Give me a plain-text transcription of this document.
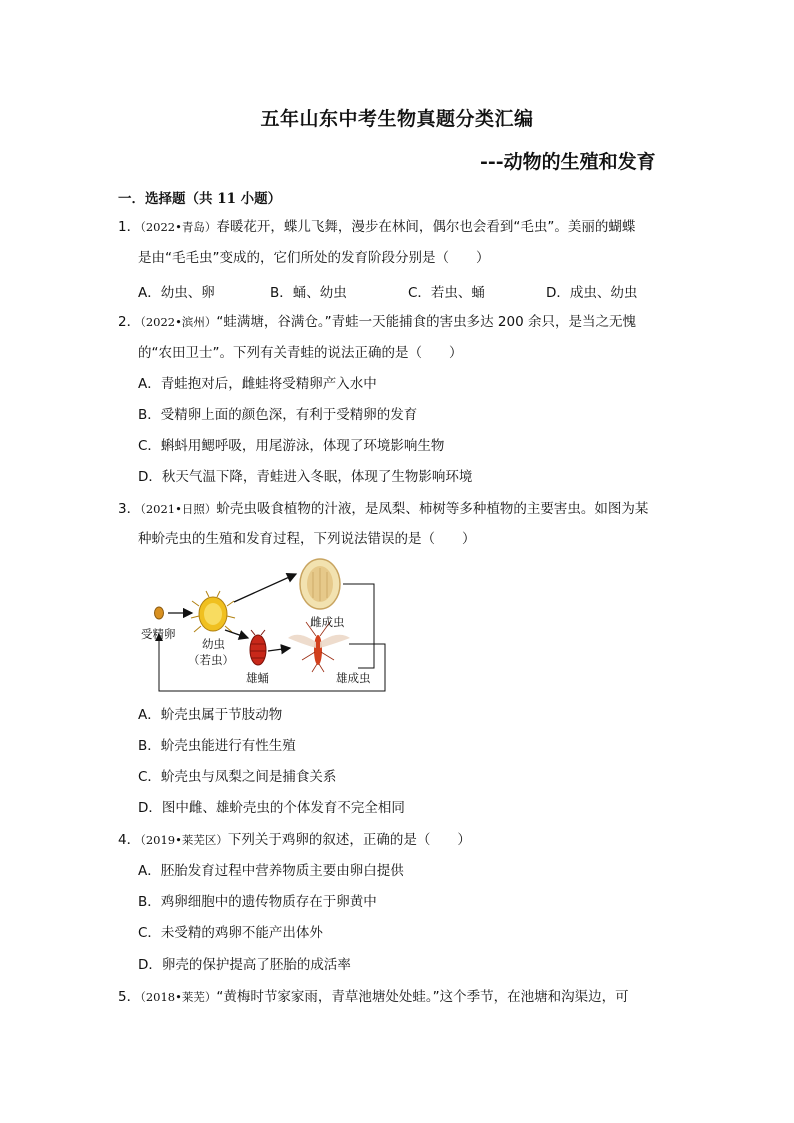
五年山东中考生物真题分类汇编
---动物的生殖和发育
一．选择题（共 11 小题）
1．（2022•青岛）春暖花开，蝶儿飞舞，漫步在林间，偶尔也会看到“毛虫”。美丽的蝴蝶
是由“毛毛虫”变成的，它们所处的发育阶段分别是（　　）
A．幼虫、卵	B．蛹、幼虫	C．若虫、蛹	D．成虫、幼虫
2．（2022•滨州）“蛙满塘，谷满仓。”青蛙一天能捕食的害虫多达 200 余只，是当之无愧
的“农田卫士”。下列有关青蛙的说法正确的是（　　）
A．青蛙抱对后，雌蛙将受精卵产入水中
B．受精卵上面的颜色深，有利于受精卵的发育
C．蝌蚪用鳃呼吸，用尾游泳，体现了环境影响生物
D．秋天气温下降，青蛙进入冬眠，体现了生物影响环境
3．（2021•日照）蚧壳虫吸食植物的汁液，是凤梨、柿树等多种植物的主要害虫。如图为某
种蚧壳虫的生殖和发育过程，下列说法错误的是（　　）
受精卵
幼虫
（若虫）
雌成虫
雄蛹	雄成虫
A．蚧壳虫属于节肢动物
B．蚧壳虫能进行有性生殖
C．蚧壳虫与凤梨之间是捕食关系
D．图中雌、雄蚧壳虫的个体发育不完全相同
4．（2019•莱芜区）下列关于鸡卵的叙述，正确的是（　　）
A．胚胎发育过程中营养物质主要由卵白提供
B．鸡卵细胞中的遗传物质存在于卵黄中
C．未受精的鸡卵不能产出体外
D．卵壳的保护提高了胚胎的成活率
5．（2018•莱芜）“黄梅时节家家雨，青草池塘处处蛙。”这个季节，在池塘和沟渠边，可
